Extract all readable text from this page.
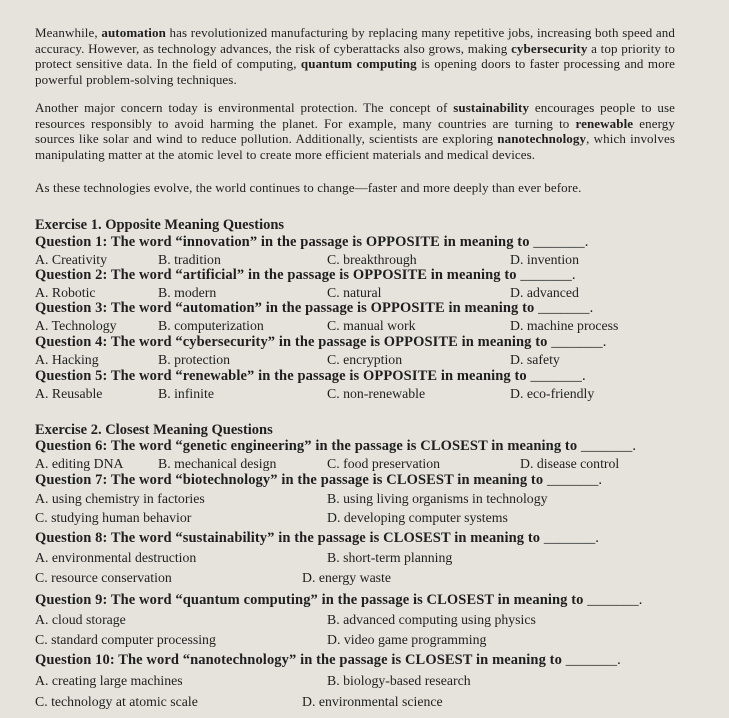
Meanwhile, automation has revolutionized manufacturing by replacing many repetitive jobs, increasing both speed and accuracy. However, as technology advances, the risk of cyberattacks also grows, making cybersecurity a top priority to protect sensitive data. In the field of computing, quantum computing is opening doors to faster processing and more powerful problem-solving techniques.
Another major concern today is environmental protection. The concept of sustainability encourages people to use resources responsibly to avoid harming the planet. For example, many countries are turning to renewable energy sources like solar and wind to reduce pollution. Additionally, scientists are exploring nanotechnology, which involves manipulating matter at the atomic level to create more efficient materials and medical devices.
As these technologies evolve, the world continues to change—faster and more deeply than ever before.
Exercise 1. Opposite Meaning Questions
Question 1: The word “innovation” in the passage is OPPOSITE in meaning to _______.
A. Creativity	B. tradition	C. breakthrough	D. invention
Question 2: The word “artificial” in the passage is OPPOSITE in meaning to _______.
A. Robotic	B. modern	C. natural	D. advanced
Question 3: The word “automation” in the passage is OPPOSITE in meaning to _______.
A. Technology	B. computerization	C. manual work	D. machine process
Question 4: The word “cybersecurity” in the passage is OPPOSITE in meaning to _______.
A. Hacking	B. protection	C. encryption	D. safety
Question 5: The word “renewable” in the passage is OPPOSITE in meaning to _______.
A. Reusable	B. infinite	C. non-renewable	D. eco-friendly
Exercise 2. Closest Meaning Questions
Question 6: The word “genetic engineering” in the passage is CLOSEST in meaning to _______.
A. editing DNA B. mechanical design	C. food preservation	D. disease control
Question 7: The word “biotechnology” in the passage is CLOSEST in meaning to _______.
A. using chemistry in factories	B. using living organisms in technology
C. studying human behavior	D. developing computer systems
Question 8: The word “sustainability” in the passage is CLOSEST in meaning to _______.
A. environmental destruction	B. short-term planning
C. resource conservation	D. energy waste
Question 9: The word “quantum computing” in the passage is CLOSEST in meaning to _______.
A. cloud storage	B. advanced computing using physics
C. standard computer processing	D. video game programming
Question 10: The word “nanotechnology” in the passage is CLOSEST in meaning to _______.
A. creating large machines	B. biology-based research
C. technology at atomic scale	D. environmental science
